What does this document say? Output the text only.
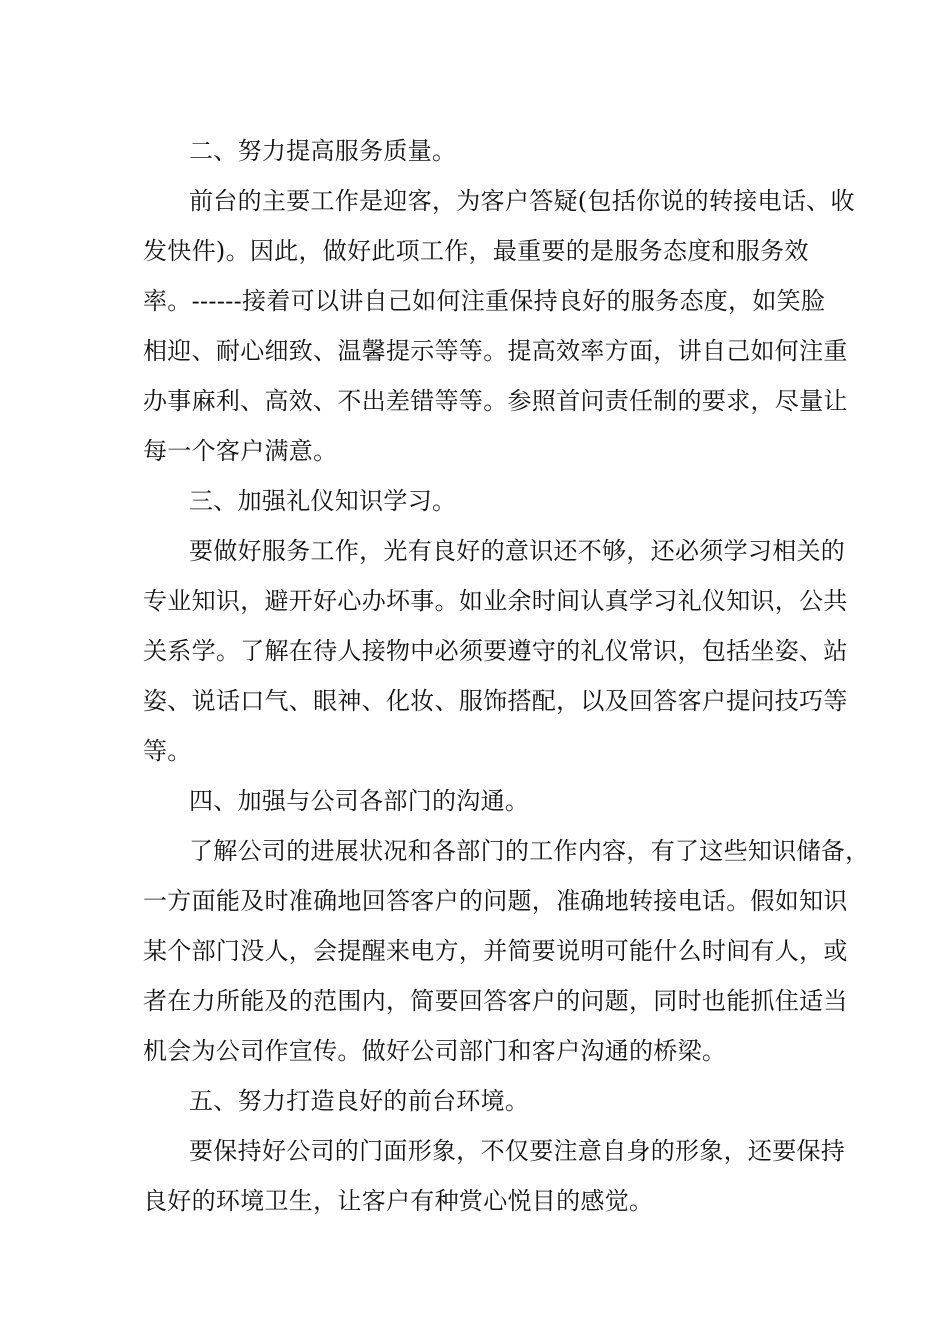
二、努力提高服务质量。
前台的主要工作是迎客，为客户答疑(包括你说的转接电话、收
发快件)。因此，做好此项工作，最重要的是服务态度和服务效
率。------接着可以讲自己如何注重保持良好的服务态度，如笑脸
相迎、耐心细致、温馨提示等等。提高效率方面，讲自己如何注重
办事麻利、高效、不出差错等等。参照首问责任制的要求，尽量让
每一个客户满意。
三、加强礼仪知识学习。
要做好服务工作，光有良好的意识还不够，还必须学习相关的
专业知识，避开好心办坏事。如业余时间认真学习礼仪知识，公共
关系学。了解在待人接物中必须要遵守的礼仪常识，包括坐姿、站
姿、说话口气、眼神、化妆、服饰搭配，以及回答客户提问技巧等
等。
四、加强与公司各部门的沟通。
了解公司的进展状况和各部门的工作内容，有了这些知识储备，
一方面能及时准确地回答客户的问题，准确地转接电话。假如知识
某个部门没人，会提醒来电方，并简要说明可能什么时间有人，或
者在力所能及的范围内，简要回答客户的问题，同时也能抓住适当
机会为公司作宣传。做好公司部门和客户沟通的桥梁。
五、努力打造良好的前台环境。
要保持好公司的门面形象，不仅要注意自身的形象，还要保持
良好的环境卫生，让客户有种赏心悦目的感觉。
